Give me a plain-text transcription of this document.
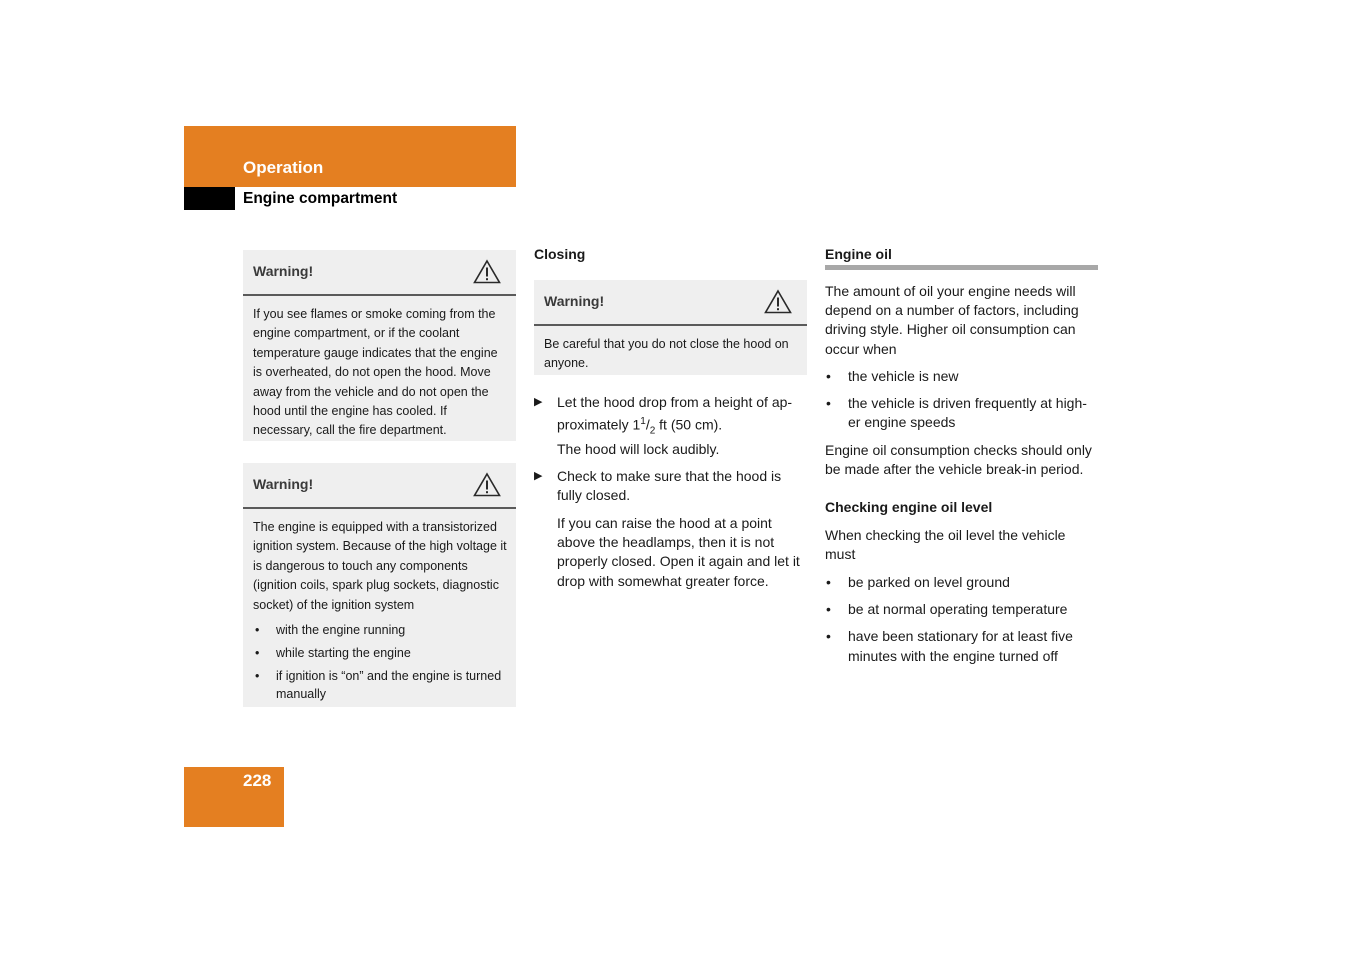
Operation
Engine compartment
Warning!
If you see flames or smoke coming from the engine compartment, or if the coolant temperature gauge indicates that the engine is overheated, do not open the hood. Move away from the vehicle and do not open the hood until the engine has cooled. If necessary, call the fire department.
Warning!
The engine is equipped with a transistorized ignition system. Because of the high voltage it is dangerous to touch any components (ignition coils, spark plug sockets, diagnostic socket) of the ignition system
• with the engine running
• while starting the engine
• if ignition is “on” and the engine is turned manually
Closing
Warning!
Be careful that you do not close the hood on anyone.
▶ Let the hood drop from a height of ap-proximately $1^1/_2$ ft (50 cm).
The hood will lock audibly.
▶ Check to make sure that the hood is fully closed.
If you can raise the hood at a point above the headlamps, then it is not properly closed. Open it again and let it drop with somewhat greater force.
Engine oil
The amount of oil your engine needs will depend on a number of factors, including driving style. Higher oil consumption can occur when
• the vehicle is new
• the vehicle is driven frequently at high-er engine speeds
Engine oil consumption checks should only be made after the vehicle break-in period.
Checking engine oil level
When checking the oil level the vehicle must
• be parked on level ground
• be at normal operating temperature
• have been stationary for at least five minutes with the engine turned off
228
